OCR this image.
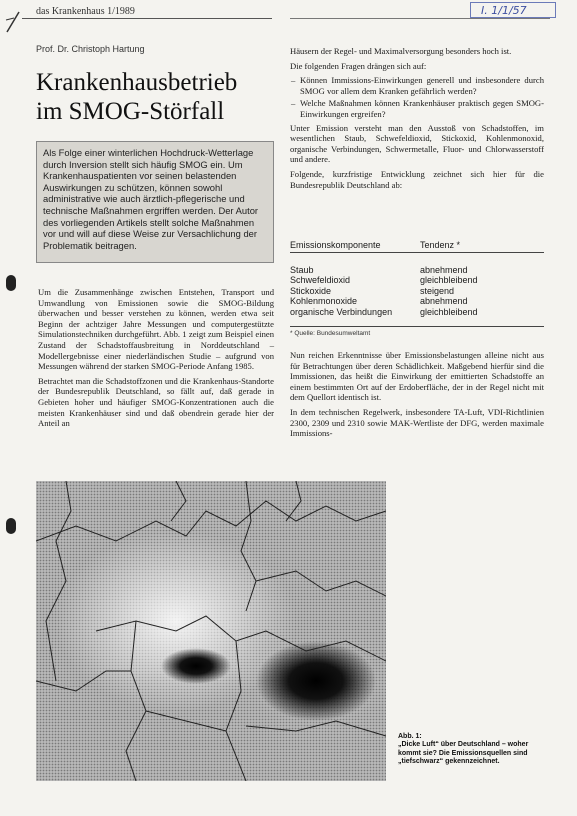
das Krankenhaus 1/1989	I. 1/1/57
Prof. Dr. Christoph Hartung
Krankenhausbetrieb
im SMOG-Störfall
Als Folge einer winterlichen Hochdruck-Wetterlage durch Inversion stellt sich häufig SMOG ein. Um Krankenhauspatienten vor seinen belastenden Auswirkungen zu schützen, können sowohl administrative wie auch ärztlich-pflegerische und technische Maßnahmen ergriffen werden. Der Autor des vorliegenden Artikels stellt solche Maßnahmen vor und will auf diese Weise zur Versachlichung der Problematik beitragen.

Um die Zusammenhänge zwischen Entstehen, Transport und Umwandlung von Emissionen sowie die SMOG-Bildung überwachen und besser verstehen zu können, werden etwa seit Beginn der achtziger Jahre Messungen und computergestützte Simulationstechniken durchgeführt. Abb. 1 zeigt zum Beispiel einen Zustand der Schadstoffausbreitung in Norddeutschland – Modellergebnisse einer niederländischen Studie – aufgrund von Messungen während der starken SMOG-Periode Anfang 1985.

Betrachtet man die Schadstoffzonen und die Krankenhaus-Standorte der Bundesrepublik Deutschland, so fällt auf, daß gerade in Gebieten hoher und häufiger SMOG-Konzentrationen auch die meisten Krankenhäuser sind und daß obendrein gerade hier der Anteil an

Häusern der Regel- und Maximalversorgung besonders hoch ist.

Die folgenden Fragen drängen sich auf:

– Können Immissions-Einwirkungen generell und insbesondere durch SMOG vor allem dem Kranken gefährlich werden?
– Welche Maßnahmen können Krankenhäuser praktisch gegen SMOG-Einwirkungen ergreifen?

Unter Emission versteht man den Ausstoß von Schadstoffen, im wesentlichen Staub, Schwefeldioxid, Stickoxid, Kohlenmonoxid, organische Verbindungen, Schwermetalle, Fluor- und Chlorwasserstoff und andere.

Folgende, kurzfristige Entwicklung zeichnet sich hier für die Bundesrepublik Deutschland ab:

Emissionskomponente	Tendenz *
Staub	abnehmend
Schwefeldioxid	gleichbleibend
Stickoxide	steigend
Kohlenmonoxide	abnehmend
organische Verbindungen	gleichbleibend
* Quelle: Bundesumweltamt

Nun reichen Erkenntnisse über Emissionsbelastungen alleine nicht aus für Betrachtungen über deren Schädlichkeit. Maßgebend hierfür sind die Immissionen, das heißt die Einwirkung der emittierten Schadstoffe an einem bestimmten Ort auf der Erdoberfläche, der in der Regel nicht mit dem Quellort identisch ist.

In dem technischen Regelwerk, insbesondere TA-Luft, VDI-Richtlinien 2300, 2309 und 2310 sowie MAK-Wertliste der DFG, werden maximale Immissions-

Abb. 1:
„Dicke Luft“ über Deutschland – woher kommt sie? Die Emissionsquellen sind „tiefschwarz“ gekennzeichnet.
